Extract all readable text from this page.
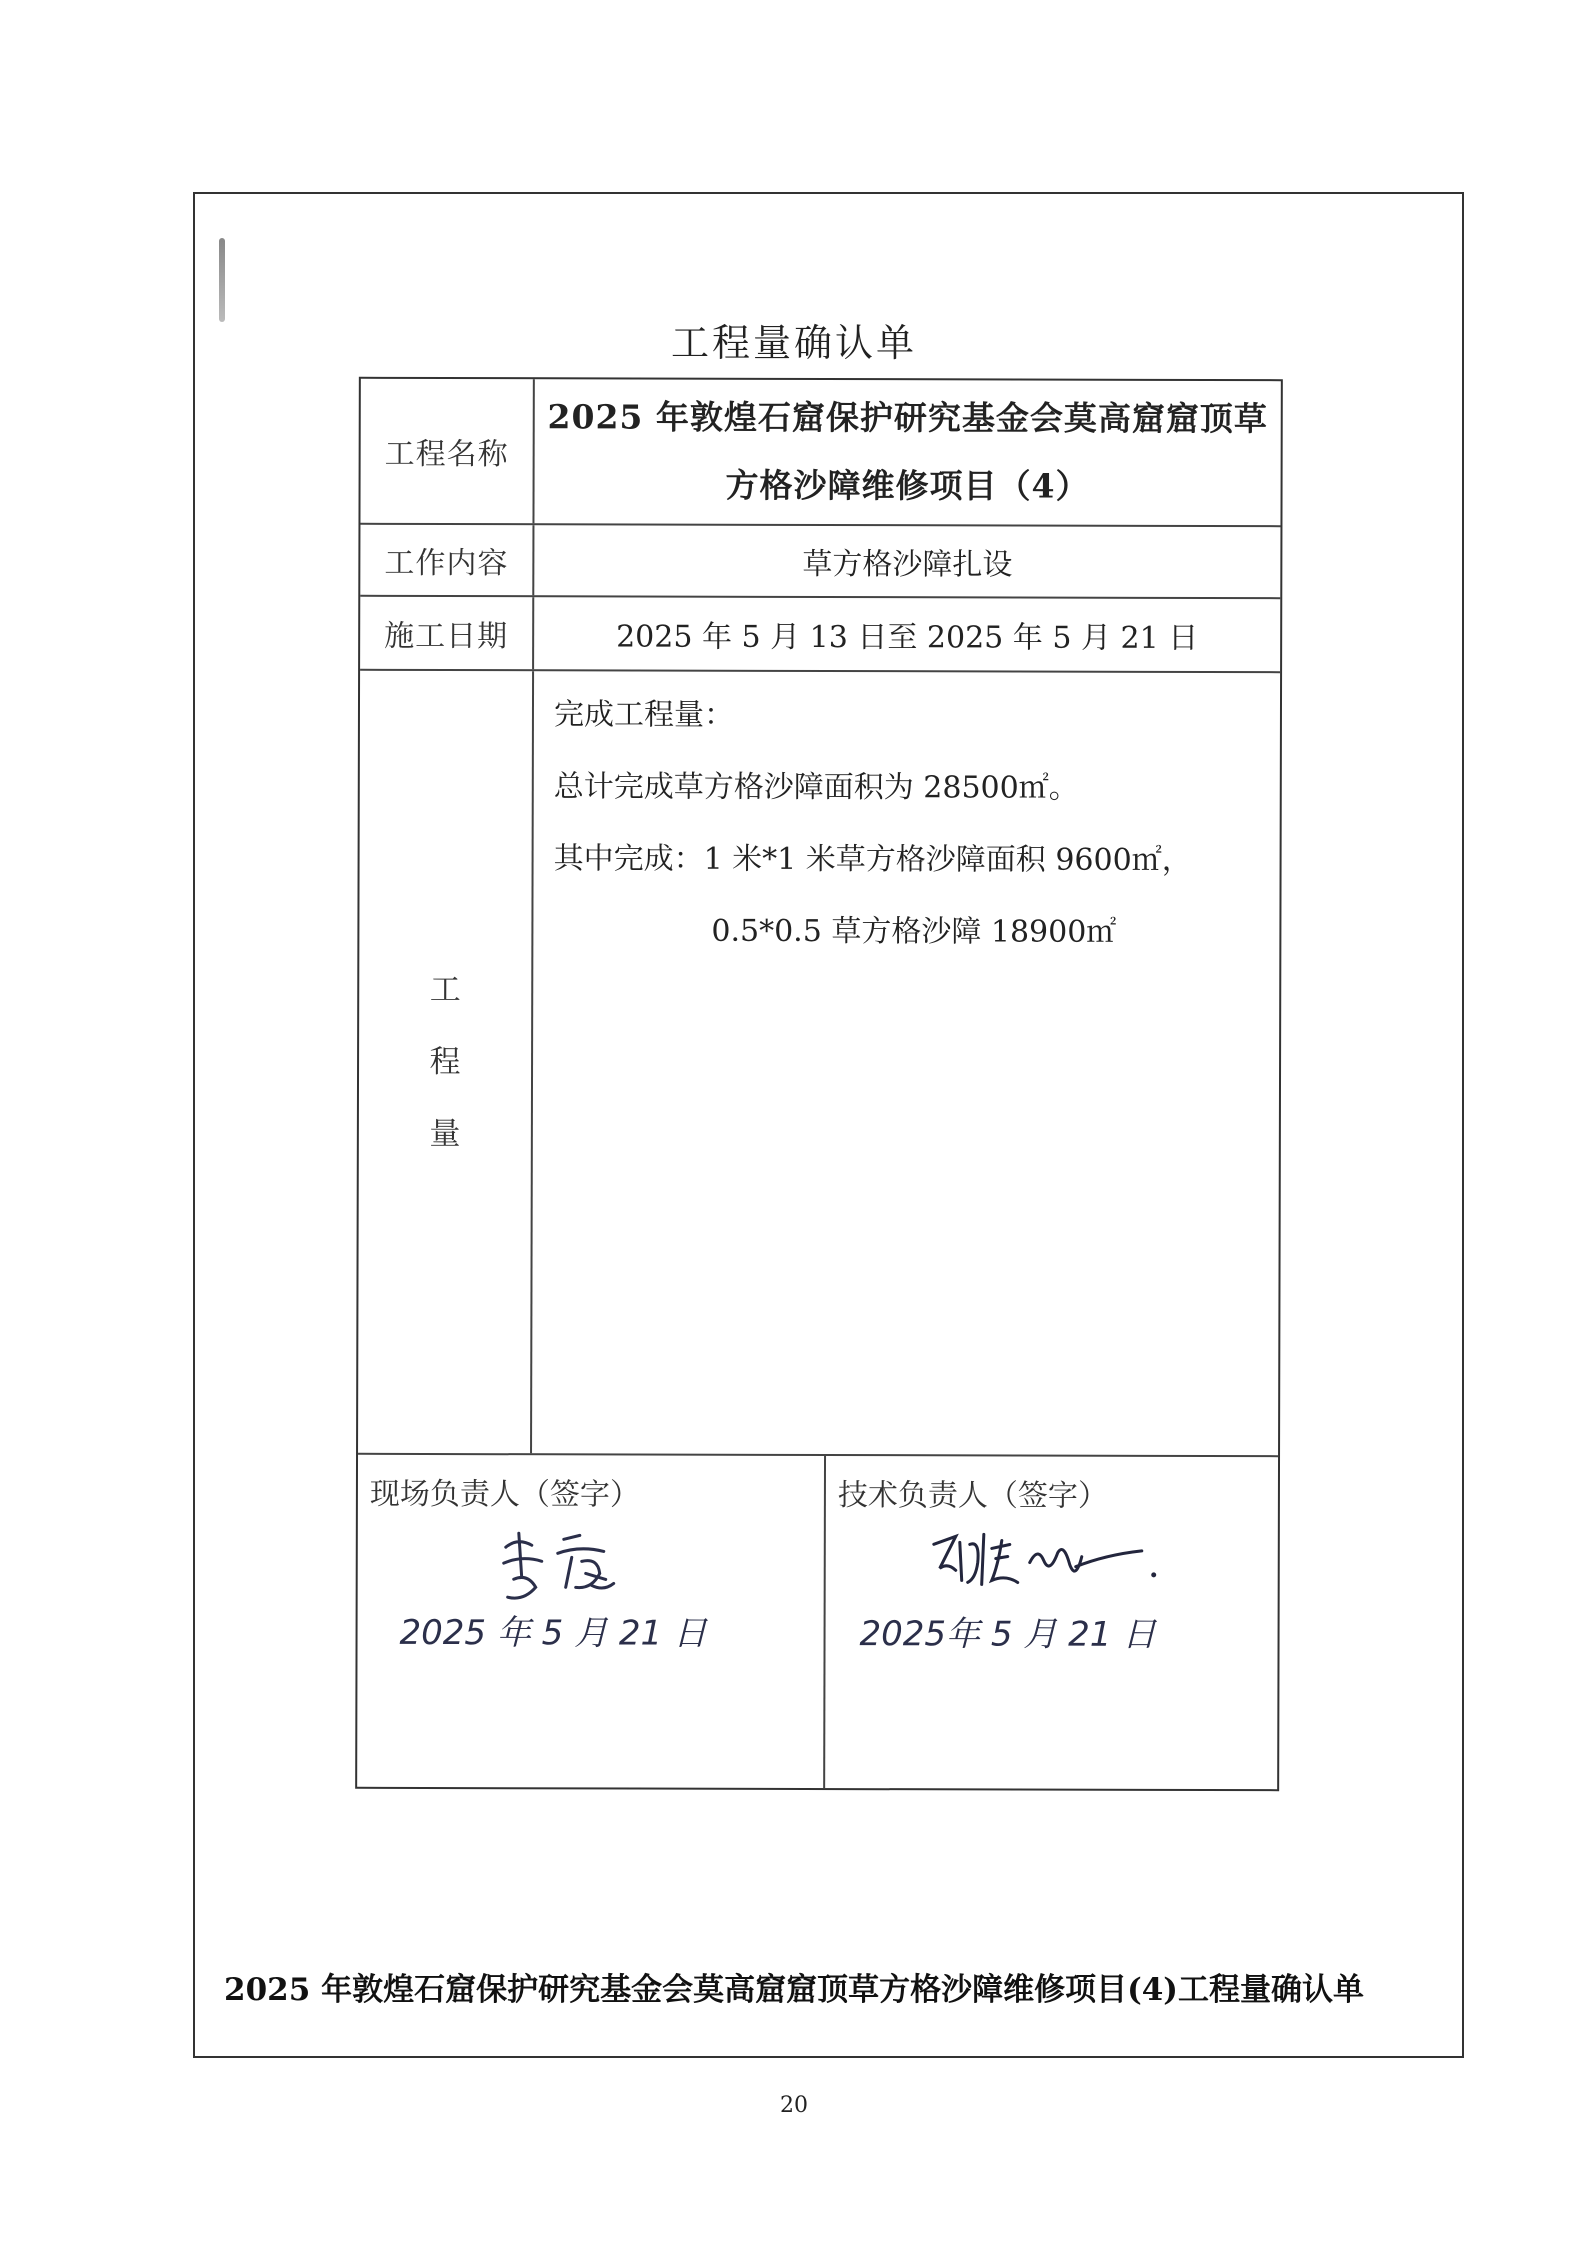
工程量确认单
工程名称
2025 年敦煌石窟保护研究基金会莫高窟窟顶草
方格沙障维修项目（4）
工作内容	草方格沙障扎设
施工日期	2025 年 5 月 13 日至 2025 年 5 月 21 日
工
程
量
完成工程量：
总计完成草方格沙障面积为 28500㎡。
其中完成：1 米*1 米草方格沙障面积 9600㎡，
0.5*0.5 草方格沙障 18900㎡
现场负责人（签字）
2025 年 5 月 21 日
技术负责人（签字）
2025年 5 月 21 日
2025 年敦煌石窟保护研究基金会莫高窟窟顶草方格沙障维修项目(4)工程量确认单
20
